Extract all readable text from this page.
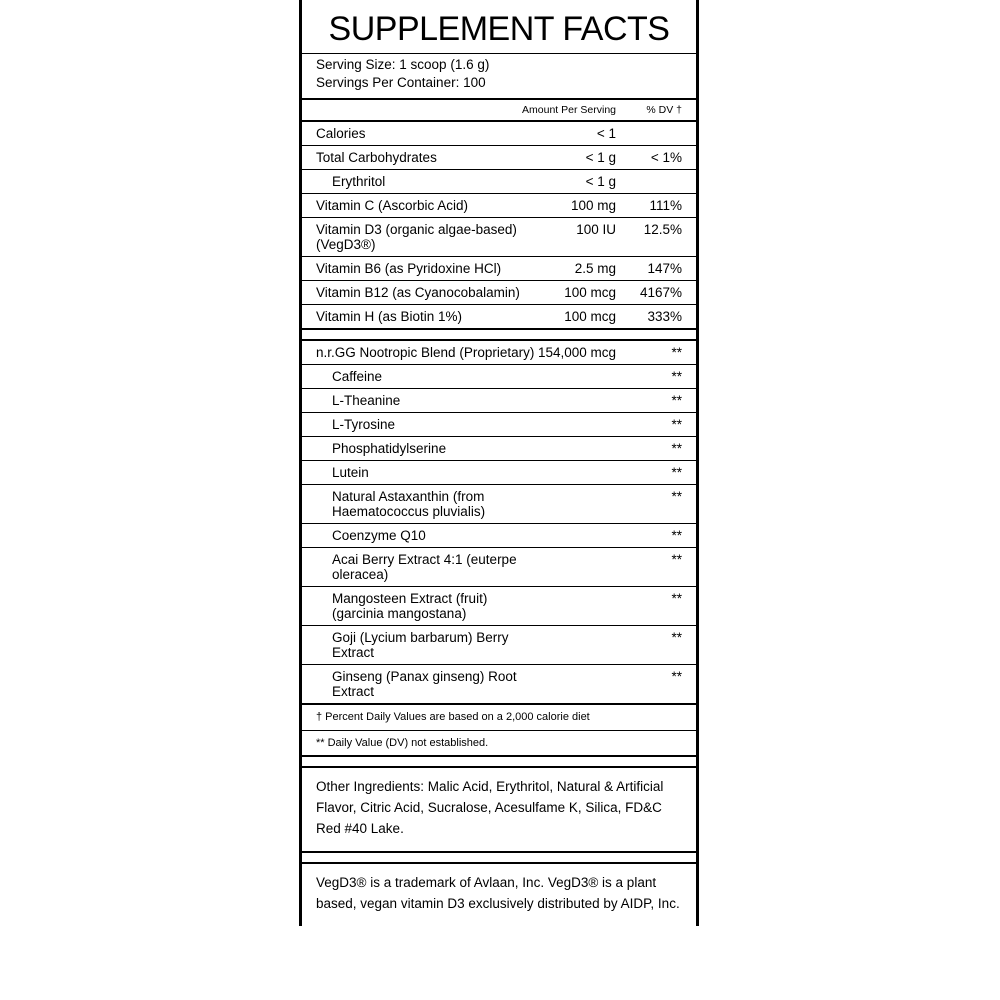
SUPPLEMENT FACTS
Serving Size: 1 scoop (1.6 g)
Servings Per Container: 100
	Amount Per Serving	% DV †
Calories	< 1	
Total Carbohydrates	< 1 g	< 1%
Erythritol	< 1 g	
Vitamin C (Ascorbic Acid)	100 mg	111%
Vitamin D3 (organic algae-based) (VegD3®)	100 IU	12.5%
Vitamin B6 (as Pyridoxine HCl)	2.5 mg	147%
Vitamin B12 (as Cyanocobalamin)	100 mcg	4167%
Vitamin H (as Biotin 1%)	100 mcg	333%
n.r.GG Nootropic Blend (Proprietary)	154,000 mcg	**
Caffeine		**
L-Theanine		**
L-Tyrosine		**
Phosphatidylserine		**
Lutein		**
Natural Astaxanthin (from Haematococcus pluvialis)		**
Coenzyme Q10		**
Acai Berry Extract 4:1 (euterpe oleracea)		**
Mangosteen Extract (fruit) (garcinia mangostana)		**
Goji (Lycium barbarum) Berry Extract		**
Ginseng (Panax ginseng) Root Extract		**
† Percent Daily Values are based on a 2,000 calorie diet
** Daily Value (DV) not established.
Other Ingredients: Malic Acid, Erythritol, Natural & Artificial Flavor, Citric Acid, Sucralose, Acesulfame K, Silica, FD&C Red #40 Lake.
VegD3® is a trademark of Avlaan, Inc. VegD3® is a plant based, vegan vitamin D3 exclusively distributed by AIDP, Inc.
